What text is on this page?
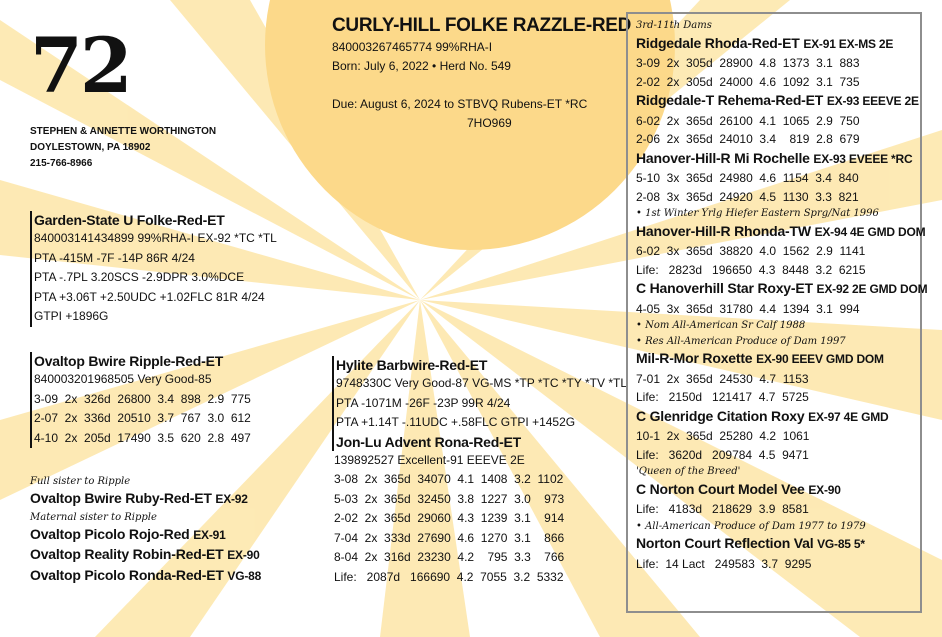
72
STEPHEN & ANNETTE WORTHINGTON
DOYLESTOWN, PA 18902
215-766-8966
CURLY-HILL FOLKE RAZZLE-RED
840003267465774 99%RHA-I
Born: July 6, 2022 • Herd No. 549
Due: August 6, 2024 to STBVQ Rubens-ET *RC
7HO969
Garden-State U Folke-Red-ET
840003141434899 99%RHA-I EX-92 *TC *TL
PTA -415M -7F -14P 86R 4/24
PTA -.7PL 3.20SCS -2.9DPR 3.0%DCE
PTA +3.06T +2.50UDC +1.02FLC 81R 4/24
GTPI +1896G
Ovaltop Bwire Ripple-Red-ET
840003201968505 Very Good-85
3-09  2x  326d  26800  3.4  898  2.9  775
2-07  2x  336d  20510  3.7  767  3.0  612
4-10  2x  205d  17490  3.5  620  2.8  497
Full sister to Ripple
Ovaltop Bwire Ruby-Red-ET EX-92
Maternal sister to Ripple
Ovaltop Picolo Rojo-Red EX-91
Ovaltop Reality Robin-Red-ET EX-90
Ovaltop Picolo Ronda-Red-ET VG-88
Hylite Barbwire-Red-ET
9748330C Very Good-87 VG-MS *TP *TC *TY *TV *TL
PTA -1071M -26F -23P 99R 4/24
PTA +1.14T -.11UDC +.58FLC GTPI +1452G
Jon-Lu Advent Rona-Red-ET
139892527 Excellent-91 EEEVE 2E
3-08  2x  365d  34070  4.1  1408  3.2  1102
5-03  2x  365d  32450  3.8  1227  3.0    973
2-02  2x  365d  29060  4.3  1239  3.1    914
7-04  2x  333d  27690  4.6  1270  3.1    866
8-04  2x  316d  23230  4.2    795  3.3    766
Life:   2087d   166690  4.2  7055  3.2  5332
3rd-11th Dams
Ridgedale Rhoda-Red-ET EX-91 EX-MS 2E
3-09  2x  305d  28900  4.8  1373  3.1  883
2-02  2x  305d  24000  4.6  1092  3.1  735
Ridgedale-T Rehema-Red-ET EX-93 EEEVE 2E
6-02  2x  365d  26100  4.1  1065  2.9  750
2-06  2x  365d  24010  3.4    819  2.8  679
Hanover-Hill-R Mi Rochelle EX-93 EVEEE *RC
5-10  3x  365d  24980  4.6  1154  3.4  840
2-08  3x  365d  24920  4.5  1130  3.3  821
• 1st Winter Yrlg Hiefer Eastern Sprg/Nat 1996
Hanover-Hill-R Rhonda-TW EX-94 4E GMD DOM
6-02  3x  365d  38820  4.0  1562  2.9  1141
Life:   2823d   196650  4.3  8448  3.2  6215
C Hanoverhill Star Roxy-ET EX-92 2E GMD DOM
4-05  3x  365d  31780  4.4  1394  3.1  994
• Nom All-American Sr Calf 1988
• Res All-American Produce of Dam 1997
Mil-R-Mor Roxette EX-90 EEEV GMD DOM
7-01  2x  365d  24530  4.7  1153
Life:   2150d   121417  4.7  5725
C Glenridge Citation Roxy EX-97 4E GMD
10-1  2x  365d  25280  4.2  1061
Life:   3620d   209784  4.5  9471
'Queen of the Breed'
C Norton Court Model Vee EX-90
Life:   4183d   218629  3.9  8581
• All-American Produce of Dam 1977 to 1979
Norton Court Reflection Val VG-85 5*
Life:  14 Lact   249583  3.7  9295
